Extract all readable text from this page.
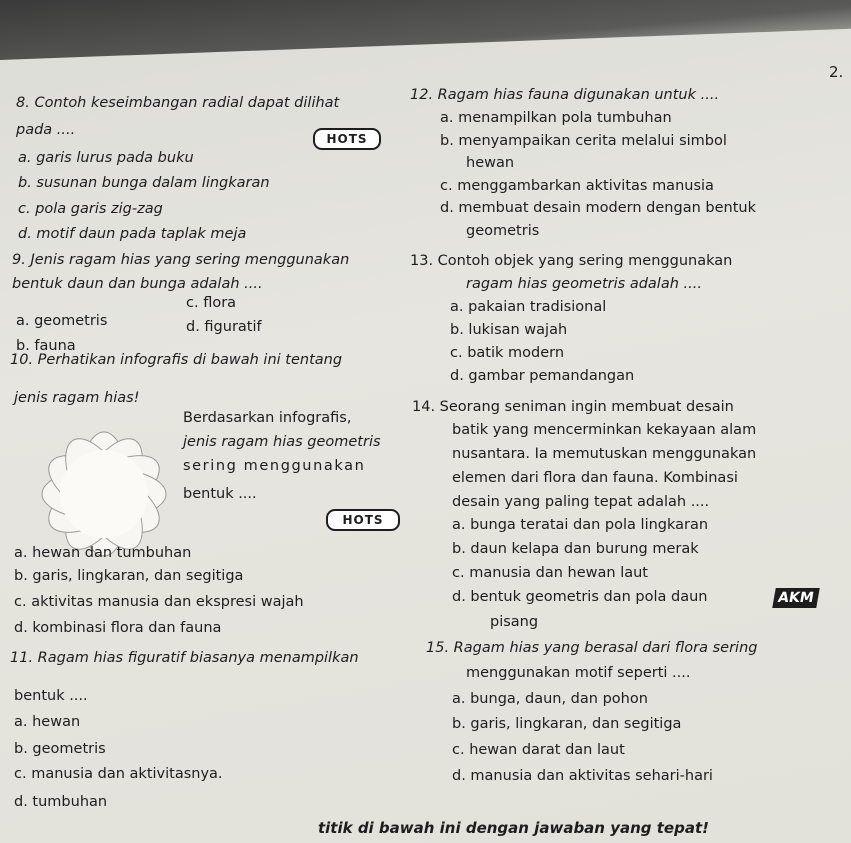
2.
8. Contoh keseimbangan radial dapat dilihat
pada ....
HOTS
a. garis lurus pada buku
b. susunan bunga dalam lingkaran
c. pola garis zig-zag
d. motif daun pada taplak meja
9. Jenis ragam hias yang sering menggunakan
bentuk daun dan bunga adalah ....
a. geometris
b. fauna
c. flora
d. figuratif
10. Perhatikan infografis di bawah ini tentang
jenis ragam hias!
Berdasarkan infografis,
jenis ragam hias geometris
sering menggunakan
bentuk ....
HOTS
a. hewan dan tumbuhan
b. garis, lingkaran, dan segitiga
c. aktivitas manusia dan ekspresi wajah
d. kombinasi flora dan fauna
11. Ragam hias figuratif biasanya menampilkan
bentuk ....
a. hewan
b. geometris
c. manusia dan aktivitasnya.
d. tumbuhan
12. Ragam hias fauna digunakan untuk ....
a. menampilkan pola tumbuhan
b. menyampaikan cerita melalui simbol
hewan
c. menggambarkan aktivitas manusia
d. membuat desain modern dengan bentuk
geometris
13. Contoh objek yang sering menggunakan
ragam hias geometris adalah ....
a. pakaian tradisional
b. lukisan wajah
c. batik modern
d. gambar pemandangan
14. Seorang seniman ingin membuat desain
batik yang mencerminkan kekayaan alam
nusantara. Ia memutuskan menggunakan
elemen dari flora dan fauna. Kombinasi
desain yang paling tepat adalah ....
a. bunga teratai dan pola lingkaran
b. daun kelapa dan burung merak
c. manusia dan hewan laut
d. bentuk geometris dan pola daun	AKM
pisang
15. Ragam hias yang berasal dari flora sering
menggunakan motif seperti ....
a. bunga, daun, dan pohon
b. garis, lingkaran, dan segitiga
c. hewan darat dan laut
d. manusia dan aktivitas sehari-hari
titik di bawah ini dengan jawaban yang tepat!
